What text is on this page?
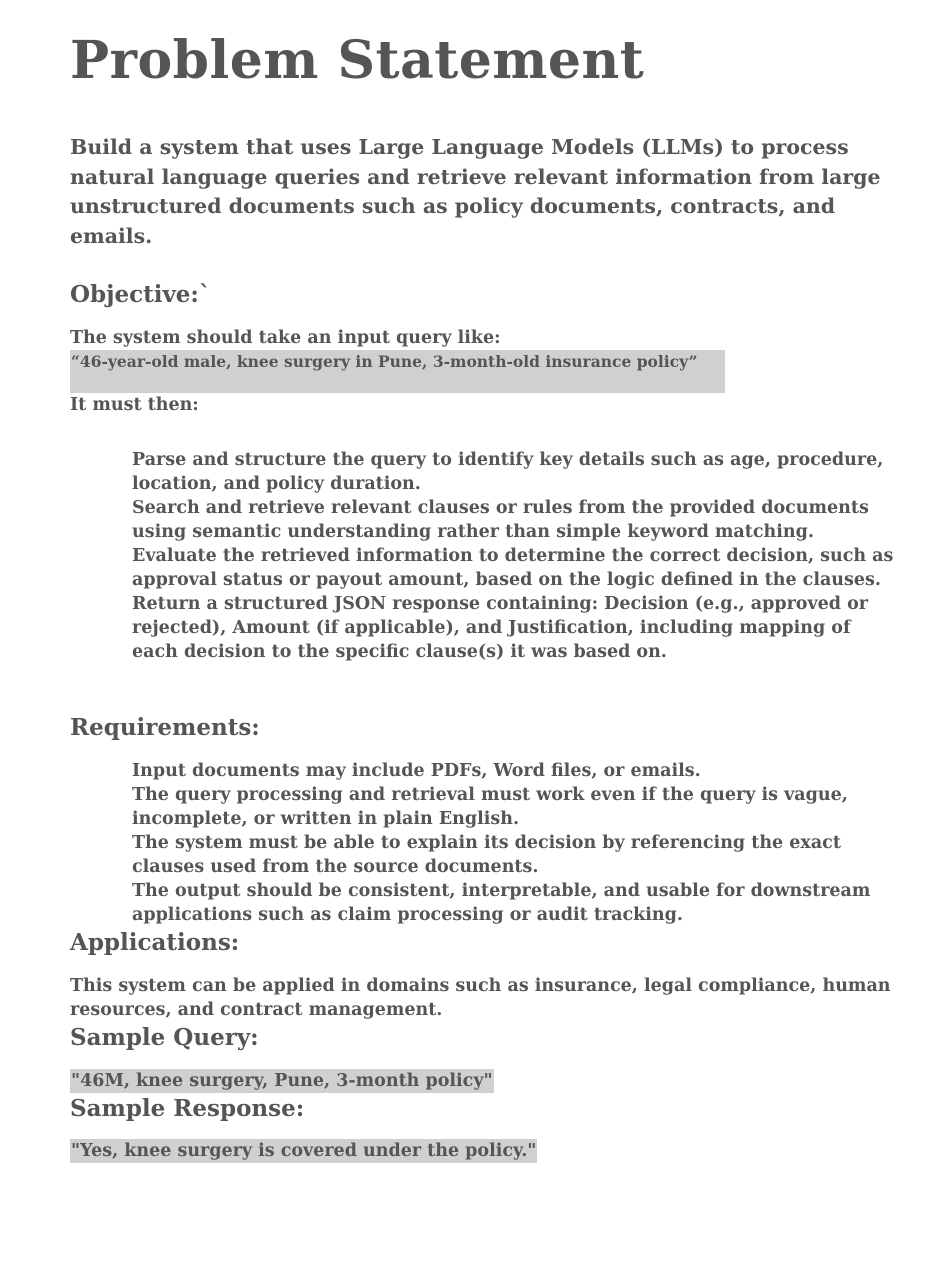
Problem Statement

Build a system that uses Large Language Models (LLMs) to process natural language queries and retrieve relevant information from large unstructured documents such as policy documents, contracts, and emails.

Objective:`

The system should take an input query like:

“46-year-old male, knee surgery in Pune, 3-month-old insurance policy”

It must then:

Parse and structure the query to identify key details such as age, procedure, location, and policy duration.
Search and retrieve relevant clauses or rules from the provided documents using semantic understanding rather than simple keyword matching.
Evaluate the retrieved information to determine the correct decision, such as approval status or payout amount, based on the logic defined in the clauses.
Return a structured JSON response containing: Decision (e.g., approved or rejected), Amount (if applicable), and Justification, including mapping of each decision to the specific clause(s) it was based on.
Requirements:
Input documents may include PDFs, Word files, or emails.
The query processing and retrieval must work even if the query is vague, incomplete, or written in plain English.
The system must be able to explain its decision by referencing the exact clauses used from the source documents.
The output should be consistent, interpretable, and usable for downstream applications such as claim processing or audit tracking.
Applications:

This system can be applied in domains such as insurance, legal compliance, human resources, and contract management.

Sample Query:
"46M, knee surgery, Pune, 3-month policy"
Sample Response:
"Yes, knee surgery is covered under the policy."
